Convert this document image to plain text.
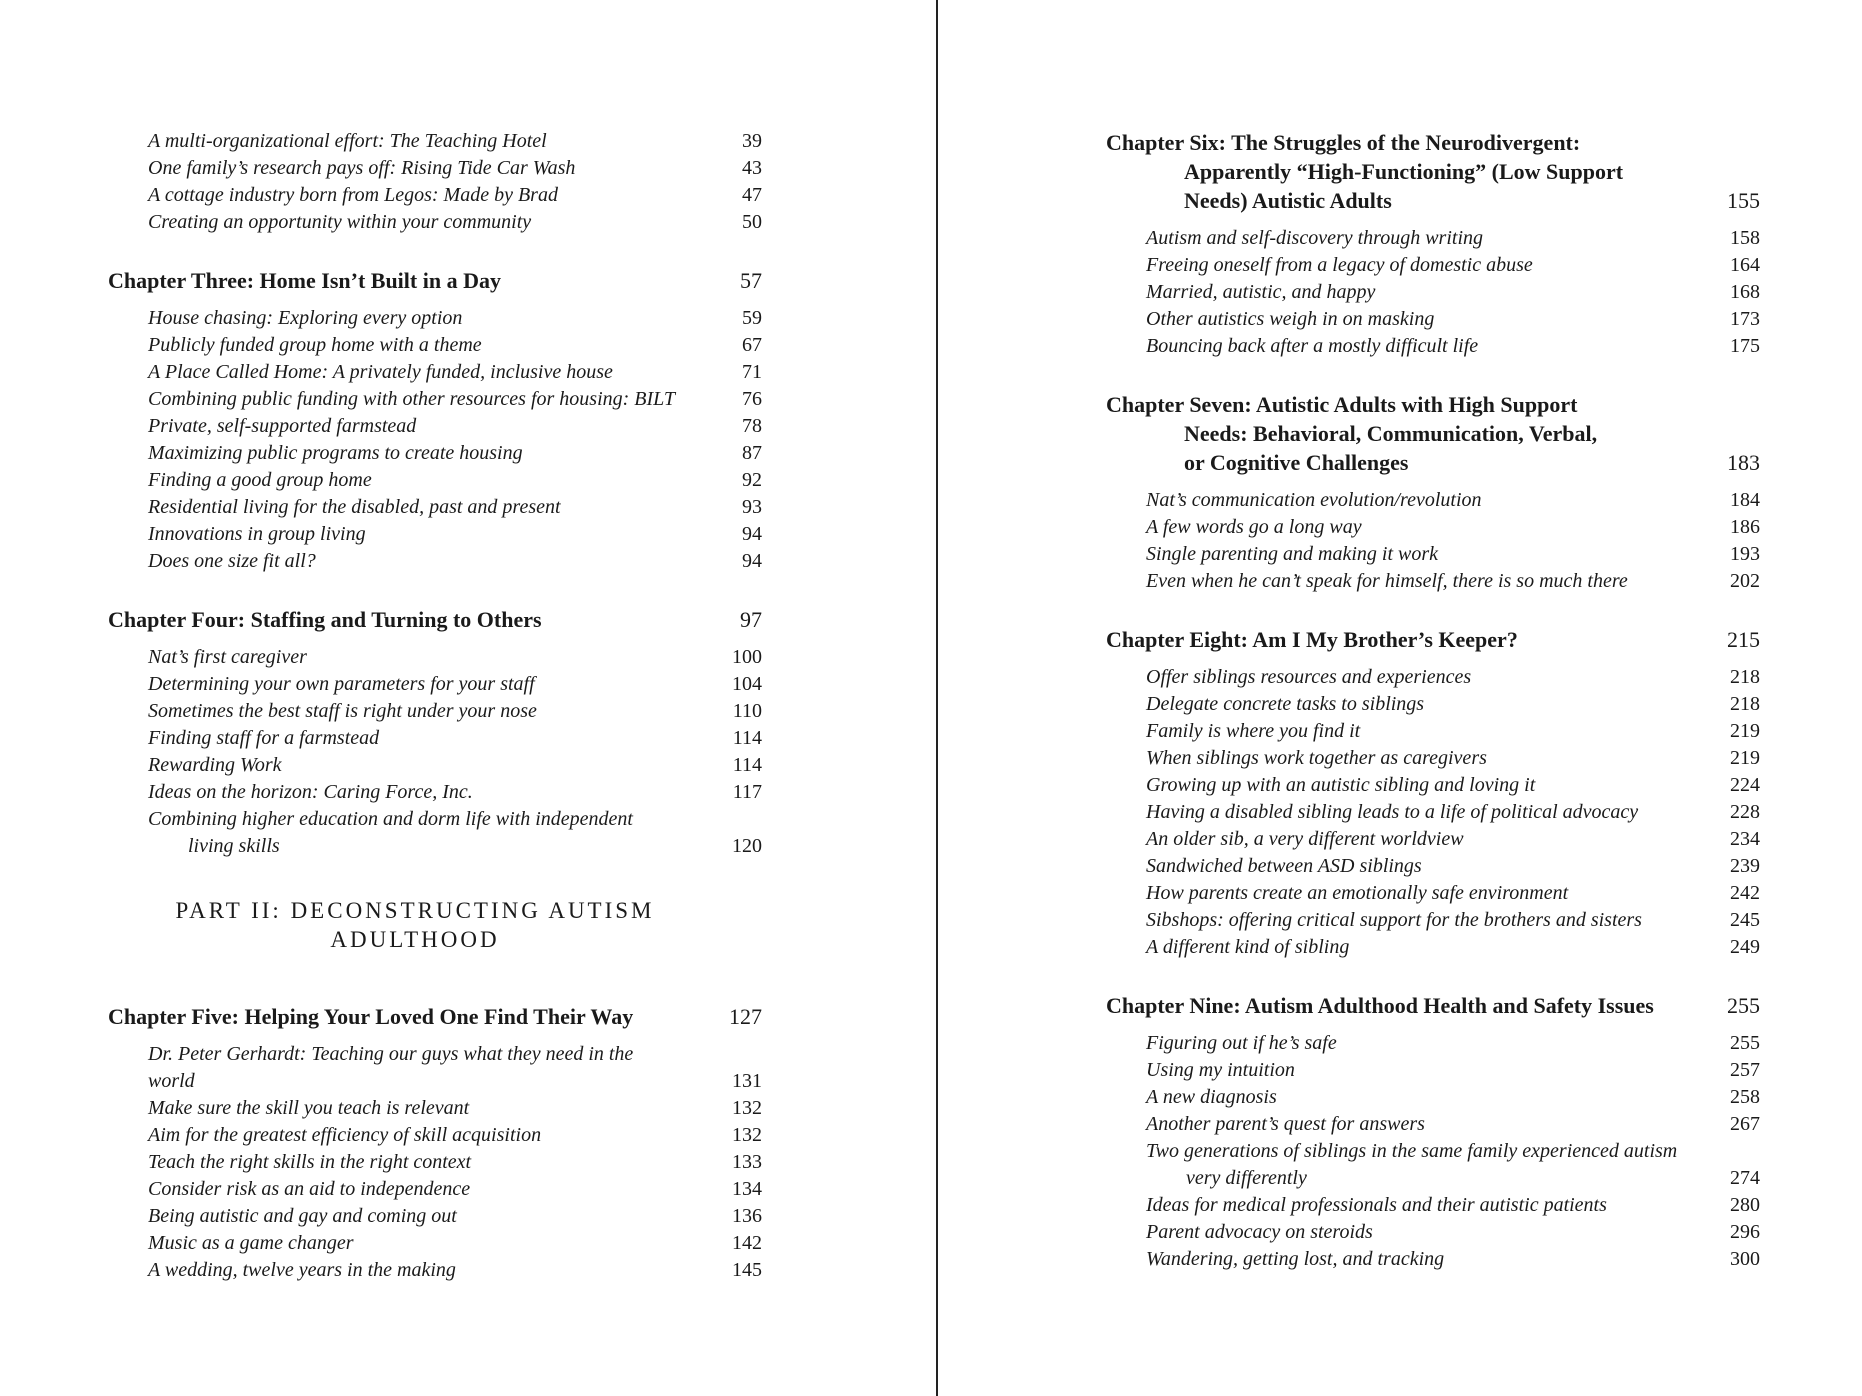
A multi-organizational effort: The Teaching Hotel	39
One family’s research pays off: Rising Tide Car Wash	43
A cottage industry born from Legos: Made by Brad	47
Creating an opportunity within your community	50
Chapter Three: Home Isn’t Built in a Day	57
House chasing: Exploring every option	59
Publicly funded group home with a theme	67
A Place Called Home: A privately funded, inclusive house	71
Combining public funding with other resources for housing: BILT	76
Private, self-supported farmstead	78
Maximizing public programs to create housing	87
Finding a good group home	92
Residential living for the disabled, past and present	93
Innovations in group living	94
Does one size fit all?	94
Chapter Four: Staffing and Turning to Others	97
Nat’s first caregiver	100
Determining your own parameters for your staff	104
Sometimes the best staff is right under your nose	110
Finding staff for a farmstead	114
Rewarding Work	114
Ideas on the horizon: Caring Force, Inc.	117
Combining higher education and dorm life with independent
living skills	120
PART II: DECONSTRUCTING AUTISM
ADULTHOOD
Chapter Five: Helping Your Loved One Find Their Way	127
Dr. Peter Gerhardt: Teaching our guys what they need in the world	131
Make sure the skill you teach is relevant	132
Aim for the greatest efficiency of skill acquisition	132
Teach the right skills in the right context	133
Consider risk as an aid to independence	134
Being autistic and gay and coming out	136
Music as a game changer	142
A wedding, twelve years in the making	145
Chapter Six: The Struggles of the Neurodivergent:
Apparently “High-Functioning” (Low Support
Needs) Autistic Adults	155
Autism and self-discovery through writing	158
Freeing oneself from a legacy of domestic abuse	164
Married, autistic, and happy	168
Other autistics weigh in on masking	173
Bouncing back after a mostly difficult life	175
Chapter Seven: Autistic Adults with High Support
Needs: Behavioral, Communication, Verbal,
or Cognitive Challenges	183
Nat’s communication evolution/revolution	184
A few words go a long way	186
Single parenting and making it work	193
Even when he can’t speak for himself, there is so much there	202
Chapter Eight: Am I My Brother’s Keeper?	215
Offer siblings resources and experiences	218
Delegate concrete tasks to siblings	218
Family is where you find it	219
When siblings work together as caregivers	219
Growing up with an autistic sibling and loving it	224
Having a disabled sibling leads to a life of political advocacy	228
An older sib, a very different worldview	234
Sandwiched between ASD siblings	239
How parents create an emotionally safe environment	242
Sibshops: offering critical support for the brothers and sisters	245
A different kind of sibling	249
Chapter Nine: Autism Adulthood Health and Safety Issues	255
Figuring out if he’s safe	255
Using my intuition	257
A new diagnosis	258
Another parent’s quest for answers	267
Two generations of siblings in the same family experienced autism
very differently	274
Ideas for medical professionals and their autistic patients	280
Parent advocacy on steroids	296
Wandering, getting lost, and tracking	300
